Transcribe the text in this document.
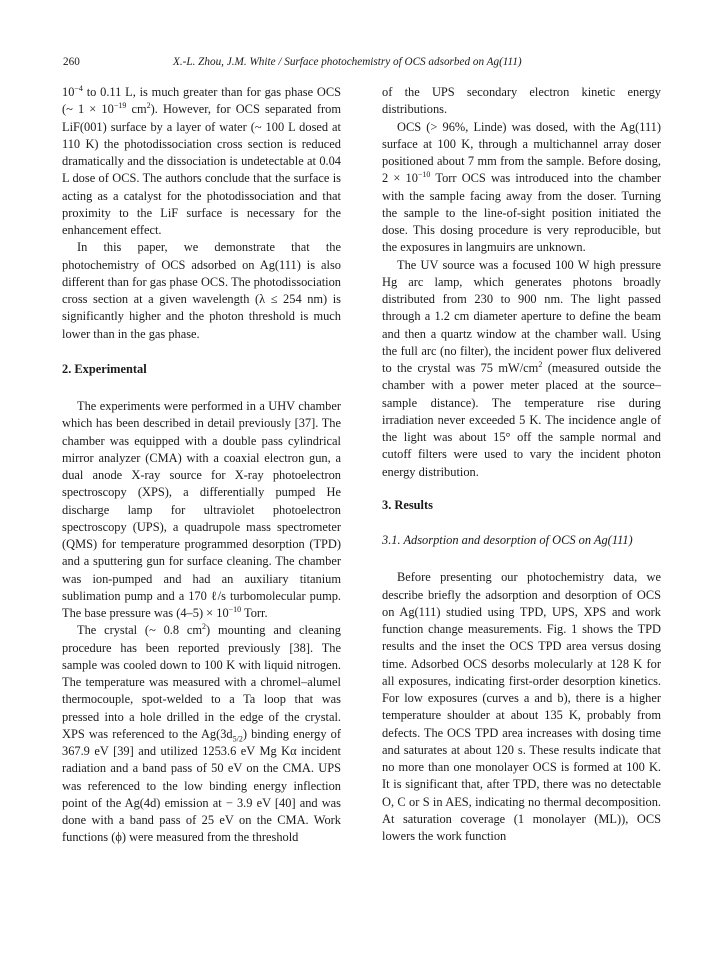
260	X.-L. Zhou, J.M. White / Surface photochemistry of OCS adsorbed on Ag(111)

$10^{-4}$ to 0.11 L, is much greater than for gas phase OCS (~ $1 \times 10^{-19}$ $cm^2$). However, for OCS separated from LiF(001) surface by a layer of water (~ 100 L dosed at 110 K) the photodissociation cross section is reduced dramatically and the dissociation is undetectable at 0.04 L dose of OCS. The authors conclude that the surface is acting as a catalyst for the photodissociation and that proximity to the LiF surface is necessary for the enhancement effect.

In this paper, we demonstrate that the photochemistry of OCS adsorbed on Ag(111) is also different than for gas phase OCS. The photodissociation cross section at a given wavelength (λ ≤ 254 nm) is significantly higher and the photon threshold is much lower than in the gas phase.

2. Experimental

The experiments were performed in a UHV chamber which has been described in detail previously [37]. The chamber was equipped with a double pass cylindrical mirror analyzer (CMA) with a coaxial electron gun, a dual anode X-ray source for X-ray photoelectron spectroscopy (XPS), a differentially pumped He discharge lamp for ultraviolet photoelectron spectroscopy (UPS), a quadrupole mass spectrometer (QMS) for temperature programmed desorption (TPD) and a sputtering gun for surface cleaning. The chamber was ion-pumped and had an auxiliary titanium sublimation pump and a 170 ℓ/s turbomolecular pump. The base pressure was $(4-5) \times 10^{-10}$ Torr.

The crystal (~ 0.8 $cm^2$) mounting and cleaning procedure has been reported previously [38]. The sample was cooled down to 100 K with liquid nitrogen. The temperature was measured with a chromel–alumel thermocouple, spot-welded to a Ta loop that was pressed into a hole drilled in the edge of the crystal. XPS was referenced to the $Ag(3d_{5/2})$ binding energy of 367.9 eV [39] and utilized 1253.6 eV Mg Kα incident radiation and a band pass of 50 eV on the CMA. UPS was referenced to the low binding energy inflection point of the Ag(4d) emission at − 3.9 eV [40] and was done with a band pass of 25 eV on the CMA. Work functions (ϕ) were measured from the threshold

of the UPS secondary electron kinetic energy distributions.

OCS (> 96%, Linde) was dosed, with the Ag(111) surface at 100 K, through a multichannel array doser positioned about 7 mm from the sample. Before dosing, $2 \times 10^{-10}$ Torr OCS was introduced into the chamber with the sample facing away from the doser. Turning the sample to the line-of-sight position initiated the dose. This dosing procedure is very reproducible, but the exposures in langmuirs are unknown.

The UV source was a focused 100 W high pressure Hg arc lamp, which generates photons broadly distributed from 230 to 900 nm. The light passed through a 1.2 cm diameter aperture to define the beam and then a quartz window at the chamber wall. Using the full arc (no filter), the incident power flux delivered to the crystal was 75 $mW/cm^2$ (measured outside the chamber with a power meter placed at the source–sample distance). The temperature rise during irradiation never exceeded 5 K. The incidence angle of the light was about 15° off the sample normal and cutoff filters were used to vary the incident photon energy distribution.

3. Results

3.1. Adsorption and desorption of OCS on Ag(111)

Before presenting our photochemistry data, we describe briefly the adsorption and desorption of OCS on Ag(111) studied using TPD, UPS, XPS and work function change measurements. Fig. 1 shows the TPD results and the inset the OCS TPD area versus dosing time. Adsorbed OCS desorbs molecularly at 128 K for all exposures, indicating first-order desorption kinetics. For low exposures (curves a and b), there is a higher temperature shoulder at about 135 K, probably from defects. The OCS TPD area increases with dosing time and saturates at about 120 s. These results indicate that no more than one monolayer OCS is formed at 100 K. It is significant that, after TPD, there was no detectable O, C or S in AES, indicating no thermal decomposition. At saturation coverage (1 monolayer (ML)), OCS lowers the work function
